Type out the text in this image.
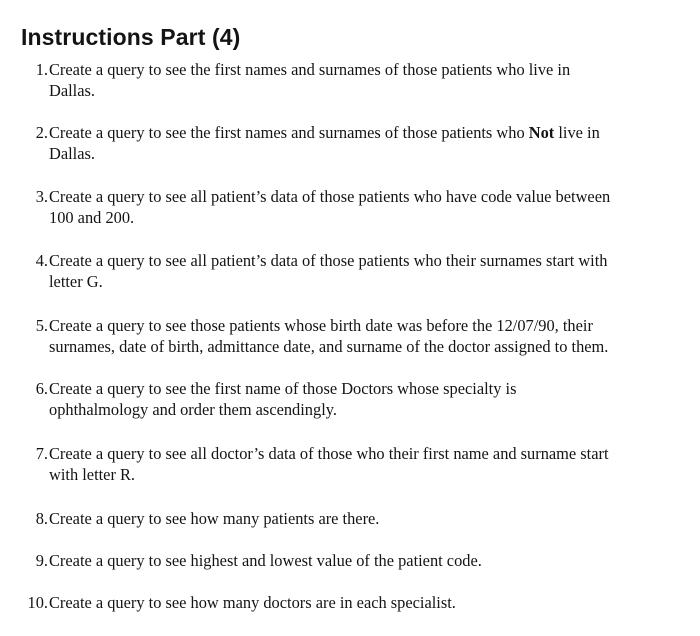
Instructions Part (4)
1. Create a query to see the first names and surnames of those patients who live in
Dallas.
2. Create a query to see the first names and surnames of those patients who Not live in
Dallas.
3. Create a query to see all patient’s data of those patients who have code value between
100 and 200.
4. Create a query to see all patient’s data of those patients who their surnames start with
letter G.
5. Create a query to see those patients whose birth date was before the 12/07/90, their
surnames, date of birth, admittance date, and surname of the doctor assigned to them.
6. Create a query to see the first name of those Doctors whose specialty is
ophthalmology and order them ascendingly.
7. Create a query to see all doctor’s data of those who their first name and surname start
with letter R.
8. Create a query to see how many patients are there.
9. Create a query to see highest and lowest value of the patient code.
10. Create a query to see how many doctors are in each specialist.
